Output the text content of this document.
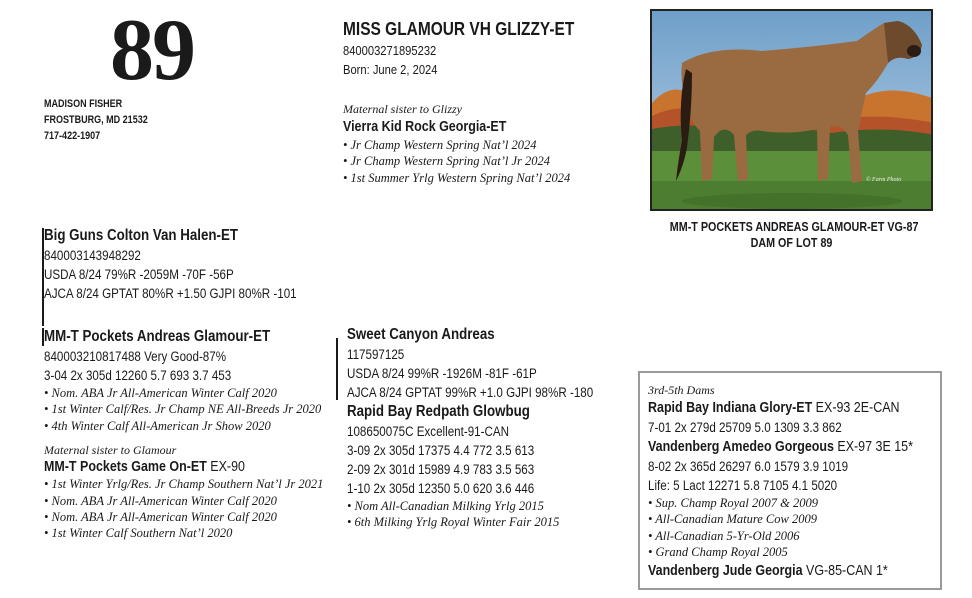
89
MADISON FISHER
FROSTBURG, MD 21532
717-422-1907
MISS GLAMOUR VH GLIZZY-ET
840003271895232
Born: June 2, 2024
Maternal sister to Glizzy
Vierra Kid Rock Georgia-ET
• Jr Champ Western Spring Nat’l 2024
• Jr Champ Western Spring Nat’l Jr 2024
• 1st Summer Yrlg Western Spring Nat’l 2024	© Farm Photo
MM-T POCKETS ANDREAS GLAMOUR-ET VG-87
DAM OF LOT 89
Big Guns Colton Van Halen-ET
840003143948292
USDA 8/24 79%R -2059M -70F -56P
AJCA 8/24 GPTAT 80%R +1.50 GJPI 80%R -101
MM-T Pockets Andreas Glamour-ET
840003210817488 Very Good-87%
3-04 2x 305d 12260 5.7 693 3.7 453
• Nom. ABA Jr All-American Winter Calf 2020
• 1st Winter Calf/Res. Jr Champ NE All-Breeds Jr 2020
• 4th Winter Calf All-American Jr Show 2020
Maternal sister to Glamour
MM-T Pockets Game On-ET EX-90
• 1st Winter Yrlg/Res. Jr Champ Southern Nat’l Jr 2021
• Nom. ABA Jr All-American Winter Calf 2020
• Nom. ABA Jr All-American Winter Calf 2020
• 1st Winter Calf Southern Nat’l 2020
Sweet Canyon Andreas
117597125
USDA 8/24 99%R -1926M -81F -61P
AJCA 8/24 GPTAT 99%R +1.0 GJPI 98%R -180
Rapid Bay Redpath Glowbug
108650075C Excellent-91-CAN
3-09 2x 305d 17375 4.4 772 3.5 613
2-09 2x 301d 15989 4.9 783 3.5 563
1-10 2x 305d 12350 5.0 620 3.6 446
• Nom All-Canadian Milking Yrlg 2015
• 6th Milking Yrlg Royal Winter Fair 2015
3rd-5th Dams
Rapid Bay Indiana Glory-ET EX-93 2E-CAN
7-01 2x 279d 25709 5.0 1309 3.3 862
Vandenberg Amedeo Gorgeous EX-97 3E 15*
8-02 2x 365d 26297 6.0 1579 3.9 1019
Life: 5 Lact 12271 5.8 7105 4.1 5020
• Sup. Champ Royal 2007 & 2009
• All-Canadian Mature Cow 2009
• All-Canadian 5-Yr-Old 2006
• Grand Champ Royal 2005
Vandenberg Jude Georgia VG-85-CAN 1*
